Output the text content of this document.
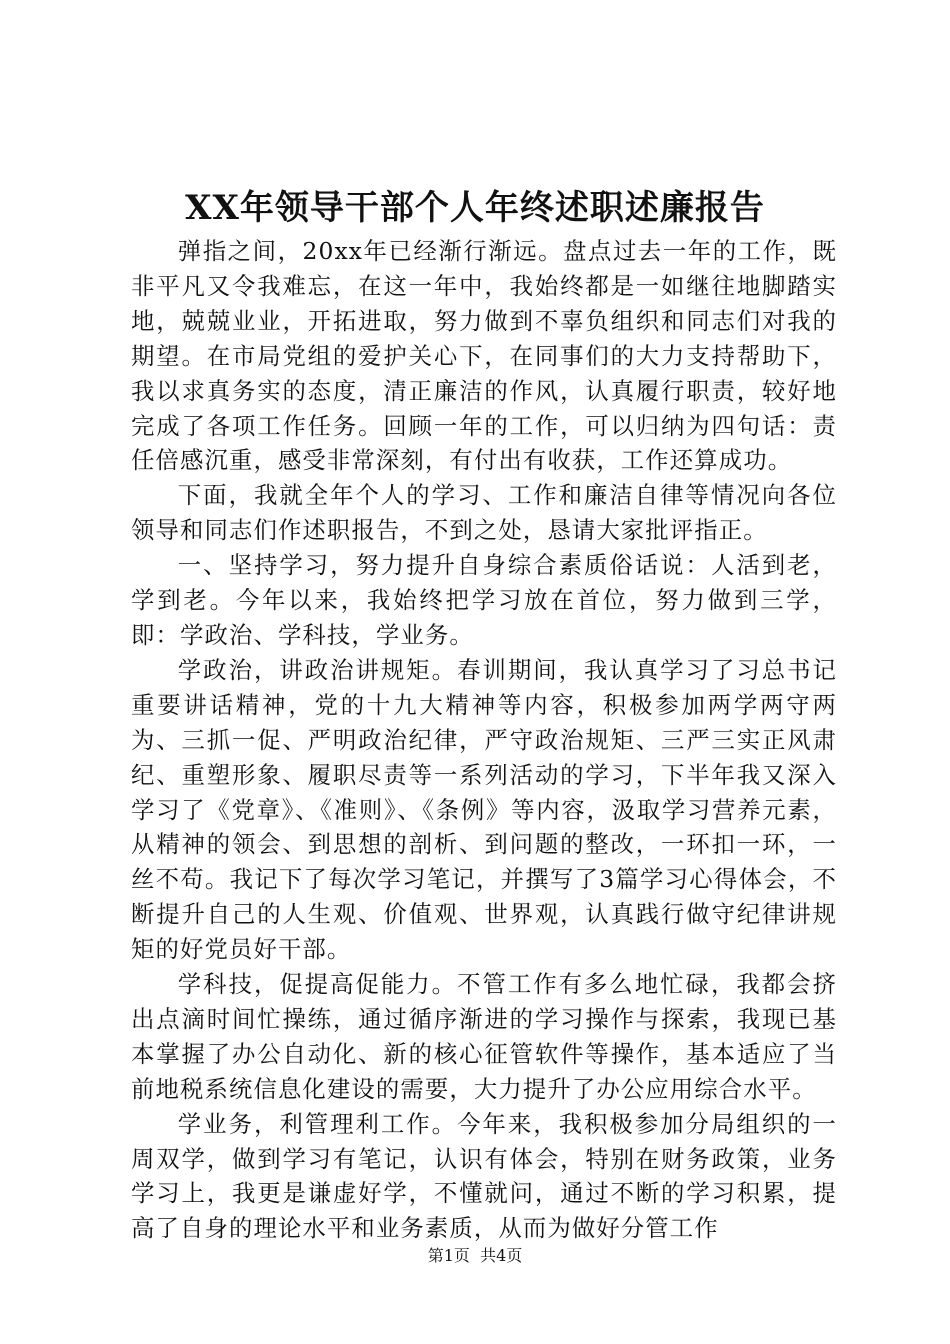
XX年领导干部个人年终述职述廉报告

弹指之间，20xx年已经渐行渐远。盘点过去一年的工作，既非平凡又令我难忘，在这一年中，我始终都是一如继往地脚踏实地，兢兢业业，开拓进取，努力做到不辜负组织和同志们对我的期望。在市局党组的爱护关心下，在同事们的大力支持帮助下，我以求真务实的态度，清正廉洁的作风，认真履行职责，较好地完成了各项工作任务。回顾一年的工作，可以归纳为四句话：责任倍感沉重，感受非常深刻，有付出有收获，工作还算成功。

下面，我就全年个人的学习、工作和廉洁自律等情况向各位领导和同志们作述职报告，不到之处，恳请大家批评指正。

一、坚持学习，努力提升自身综合素质俗话说：人活到老，学到老。今年以来，我始终把学习放在首位，努力做到三学，即：学政治、学科技，学业务。

学政治，讲政治讲规矩。春训期间，我认真学习了习总书记重要讲话精神，党的十九大精神等内容，积极参加两学两守两为、三抓一促、严明政治纪律，严守政治规矩、三严三实正风肃纪、重塑形象、履职尽责等一系列活动的学习，下半年我又深入学习了《党章》、《准则》、《条例》等内容，汲取学习营养元素，从精神的领会、到思想的剖析、到问题的整改，一环扣一环，一丝不苟。我记下了每次学习笔记，并撰写了3篇学习心得体会，不断提升自己的人生观、价值观、世界观，认真践行做守纪律讲规矩的好党员好干部。

学科技，促提高促能力。不管工作有多么地忙碌，我都会挤出点滴时间忙操练，通过循序渐进的学习操作与探索，我现已基本掌握了办公自动化、新的核心征管软件等操作，基本适应了当前地税系统信息化建设的需要，大力提升了办公应用综合水平。

学业务，利管理利工作。今年来，我积极参加分局组织的一周双学，做到学习有笔记，认识有体会，特别在财务政策，业务学习上，我更是谦虚好学，不懂就问，通过不断的学习积累，提高了自身的理论水平和业务素质，从而为做好分管工作

第1页  共4页
